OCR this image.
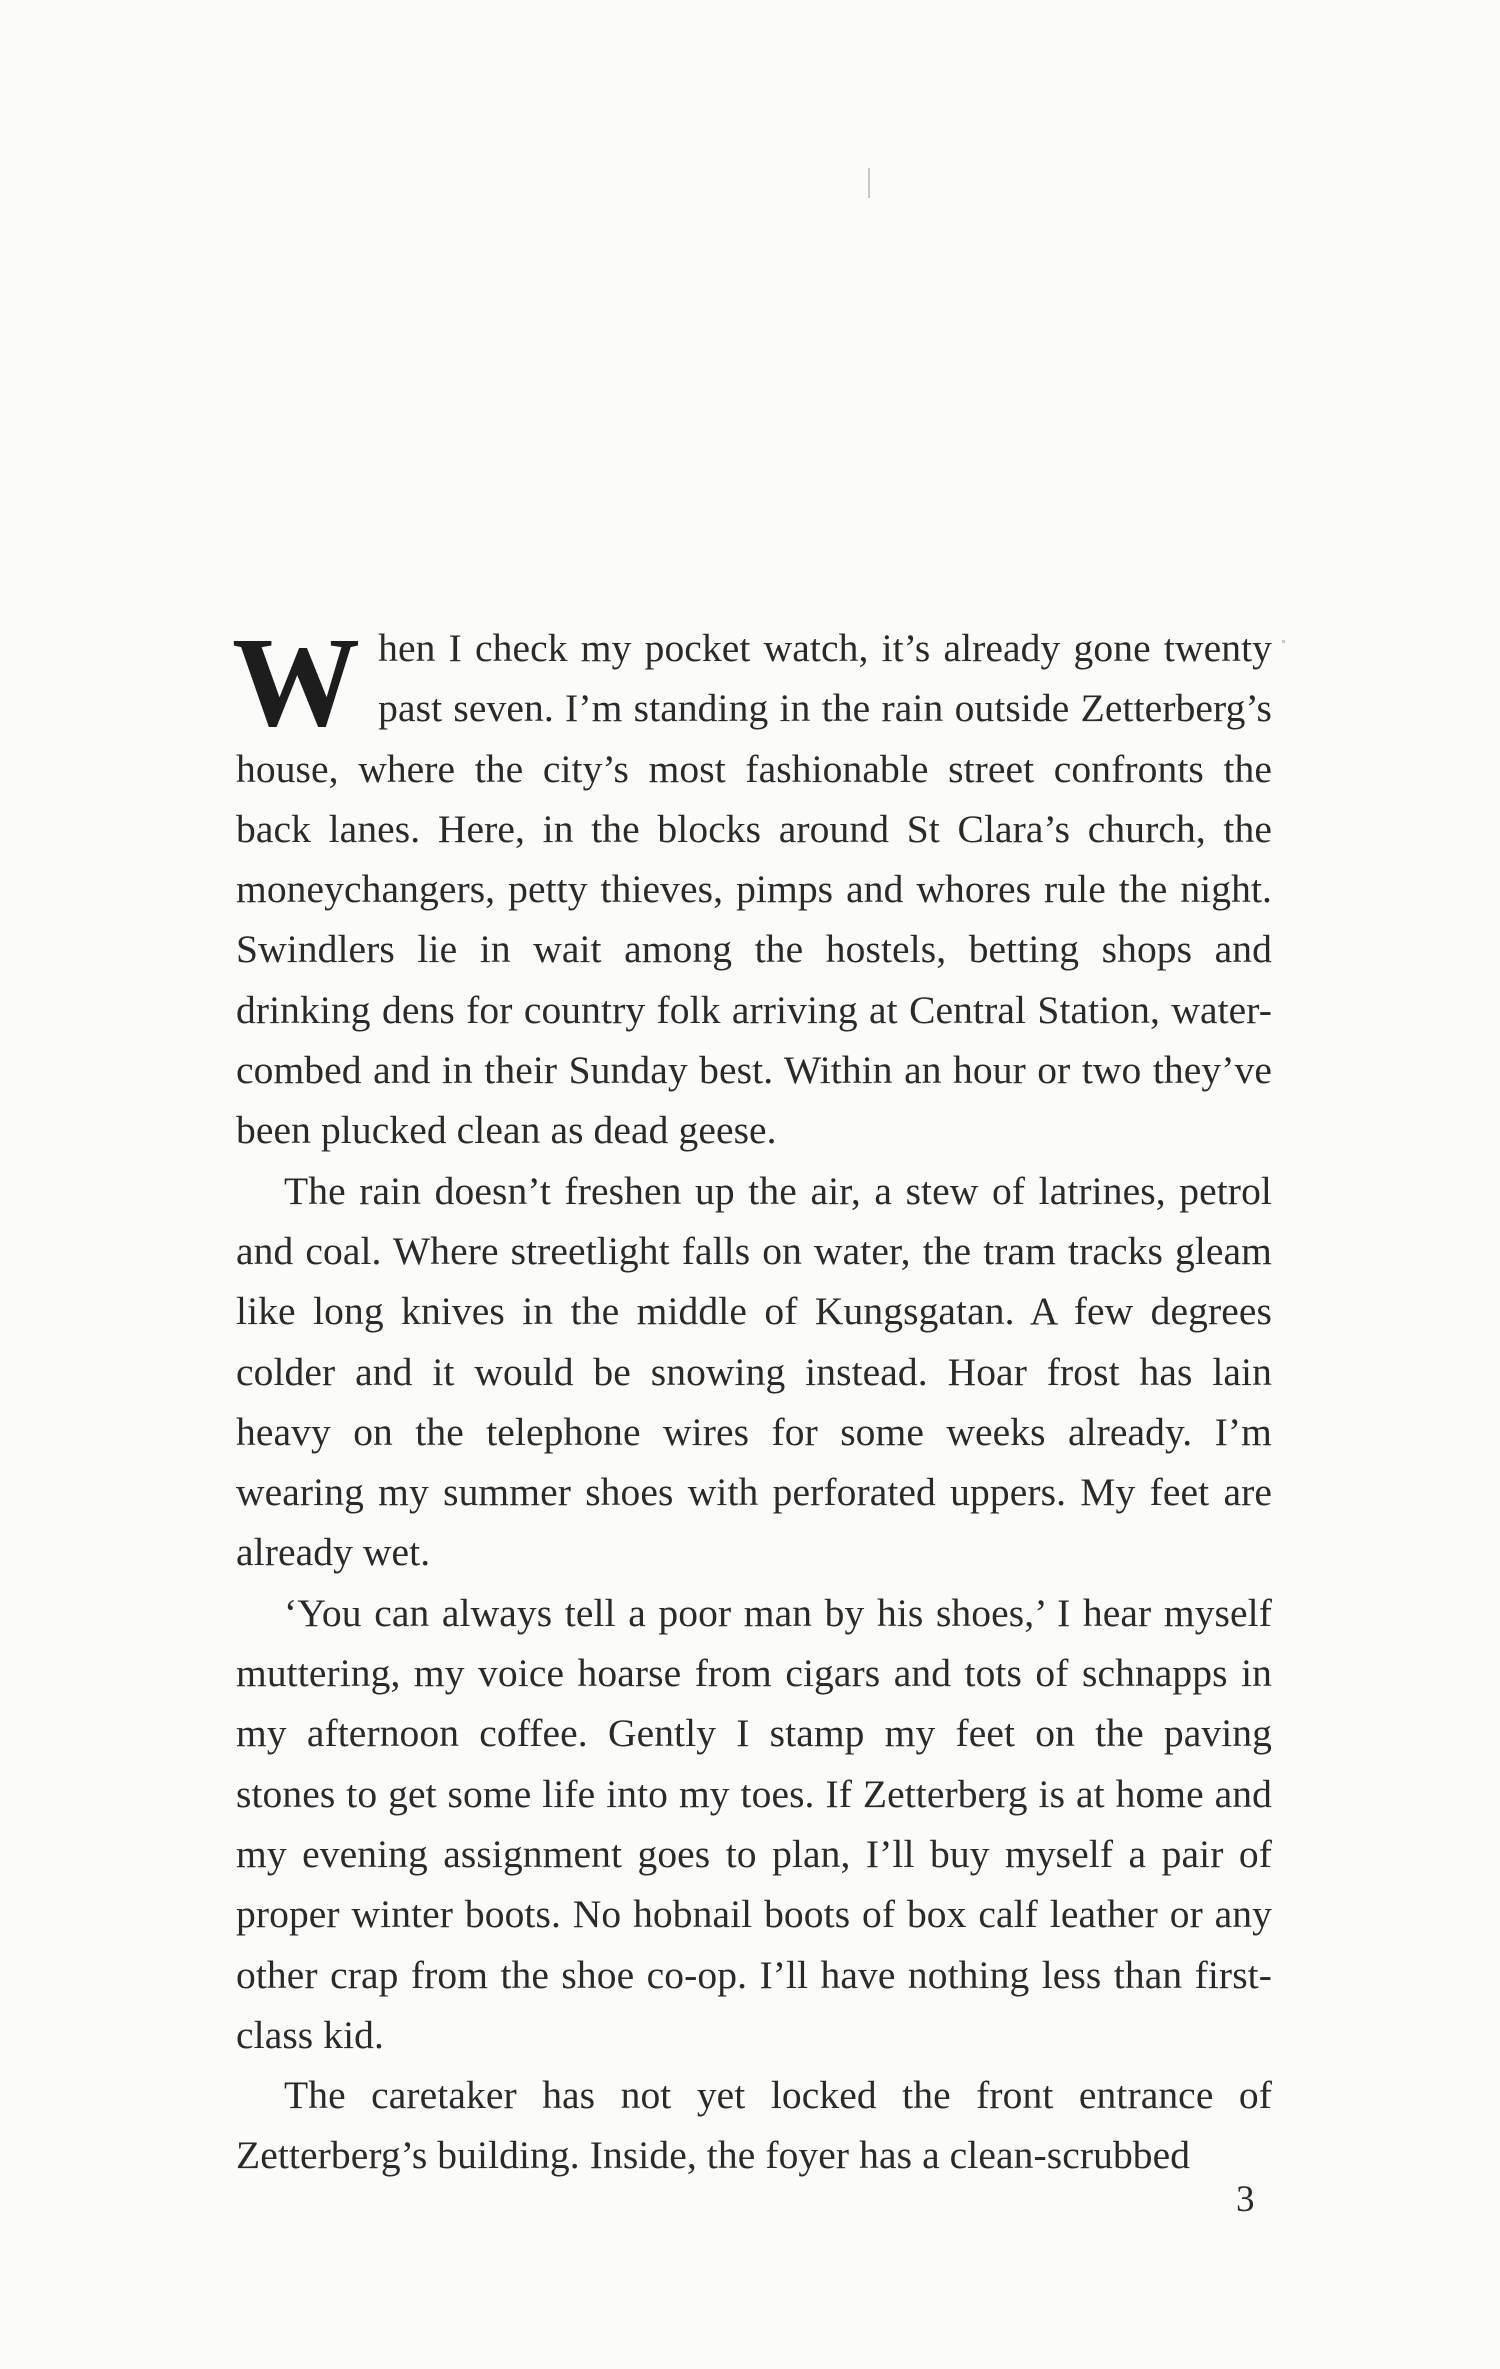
When I check my pocket watch, it’s already gone twenty past seven. I’m standing in the rain outside Zetterberg’s house, where the city’s most fashionable street confronts the back lanes. Here, in the blocks around St Clara’s church, the moneychangers, petty thieves, pimps and whores rule the night. Swindlers lie in wait among the hostels, betting shops and drinking dens for country folk arriving at Central Station, water-combed and in their Sunday best. Within an hour or two they’ve been plucked clean as dead geese.

The rain doesn’t freshen up the air, a stew of latrines, petrol and coal. Where streetlight falls on water, the tram tracks gleam like long knives in the middle of Kungsgatan. A few degrees colder and it would be snowing instead. Hoar frost has lain heavy on the telephone wires for some weeks already. I’m wearing my summer shoes with perforated uppers. My feet are already wet.

‘You can always tell a poor man by his shoes,’ I hear myself muttering, my voice hoarse from cigars and tots of schnapps in my afternoon coffee. Gently I stamp my feet on the paving stones to get some life into my toes. If Zetterberg is at home and my evening assignment goes to plan, I’ll buy myself a pair of proper winter boots. No hobnail boots of box calf leather or any other crap from the shoe co-op. I’ll have nothing less than first-class kid.

The caretaker has not yet locked the front entrance of Zetterberg’s building. Inside, the foyer has a clean-scrubbed

3
